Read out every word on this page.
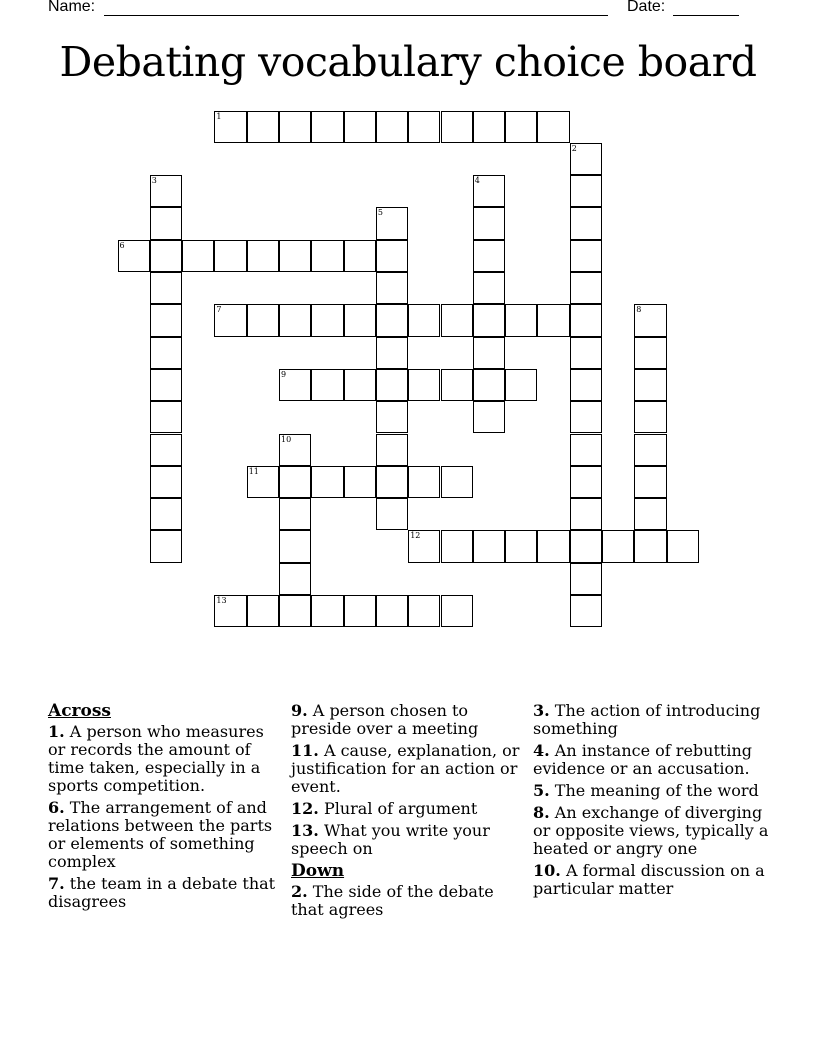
Name:	Date:
Debating vocabulary choice board
1
2
3	4
5
6
7	8
9
10
11
12
13
Across
1. A person who measures or records the amount of time taken, especially in a sports competition.
6. The arrangement of and relations between the parts or elements of something complex
7. the team in a debate that disagrees
9. A person chosen to preside over a meeting
11. A cause, explanation, or justification for an action or event.
12. Plural of argument
13. What you write your speech on
Down
2. The side of the debate that agrees
3. The action of introducing something
4. An instance of rebutting evidence or an accusation.
5. The meaning of the word
8. An exchange of diverging or opposite views, typically a heated or angry one
10. A formal discussion on a particular matter
